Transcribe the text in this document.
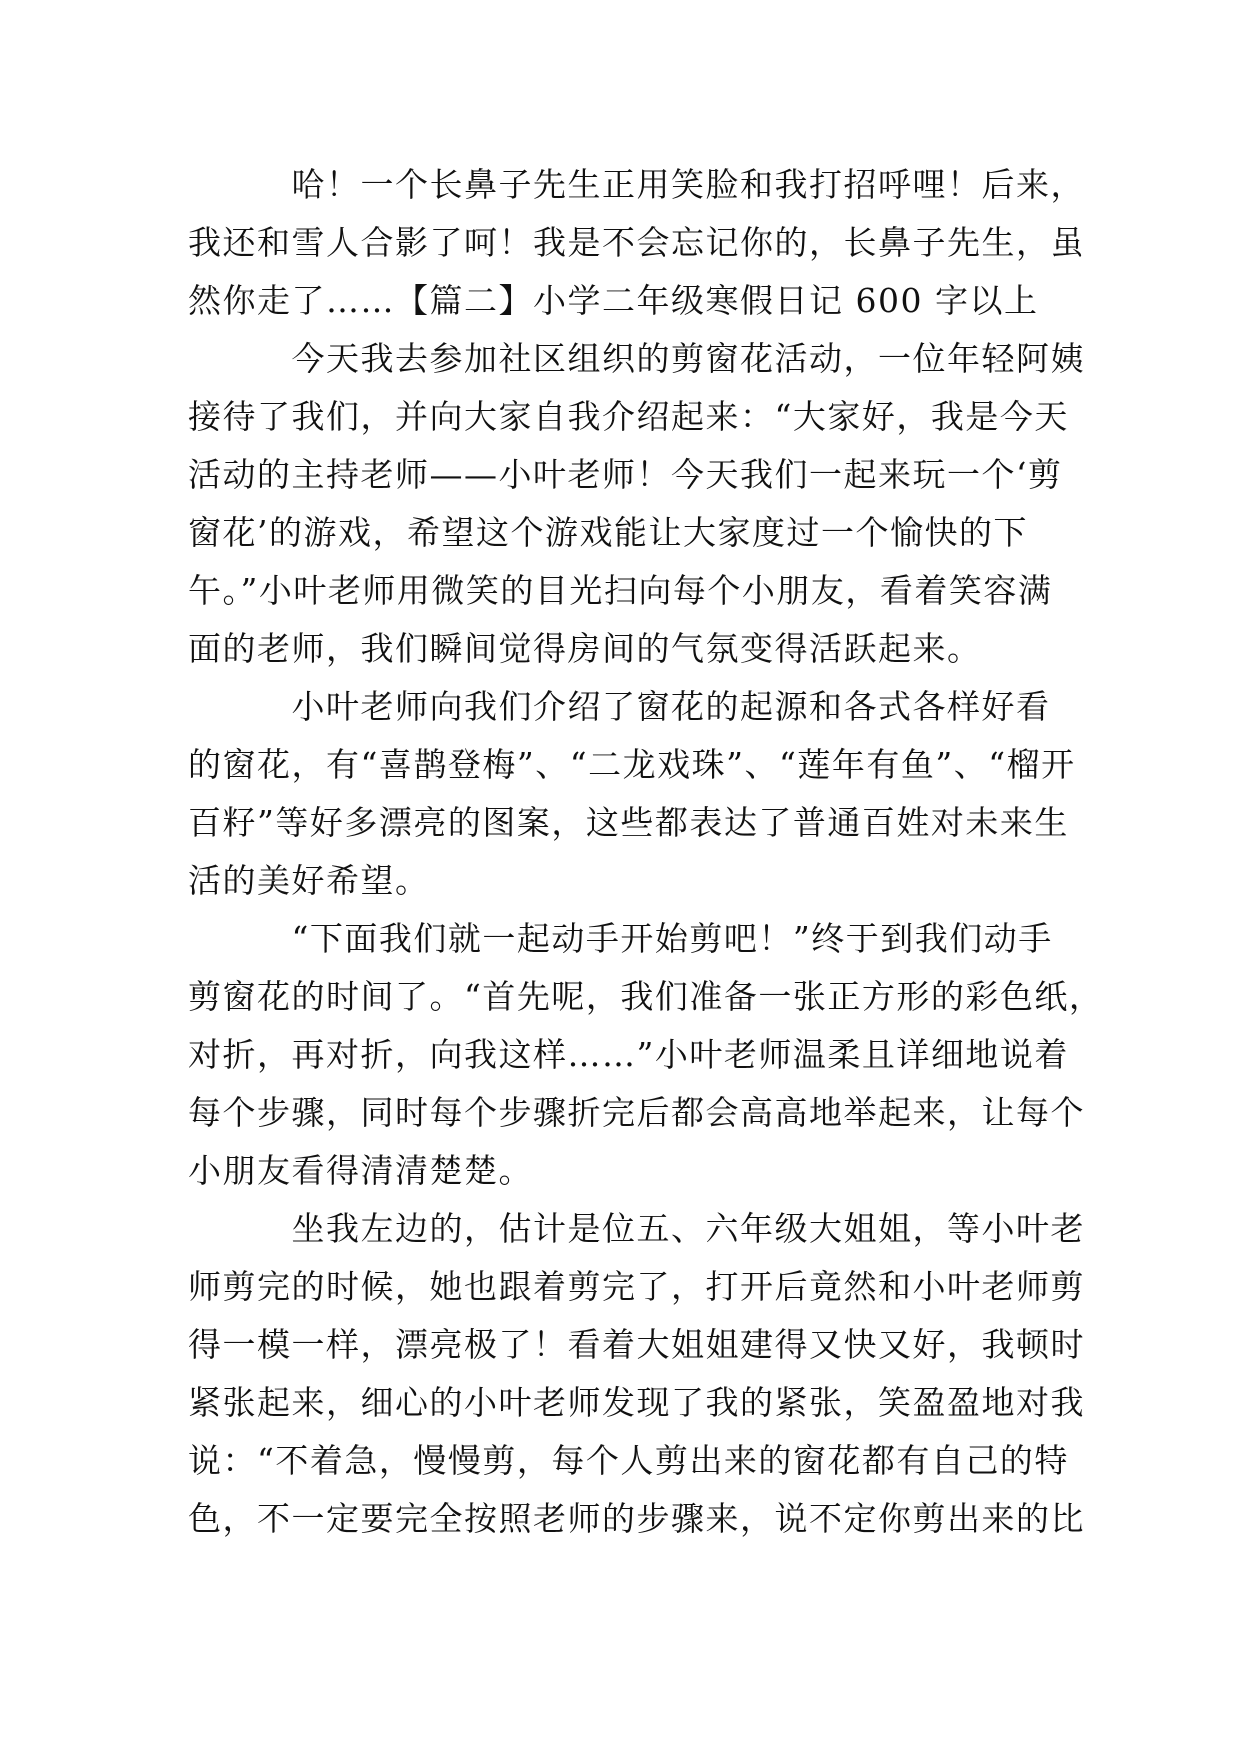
　　　哈！一个长鼻子先生正用笑脸和我打招呼哩！后来，
我还和雪人合影了呵！我是不会忘记你的，长鼻子先生，虽
然你走了……【篇二】小学二年级寒假日记 600 字以上
　　　今天我去参加社区组织的剪窗花活动，一位年轻阿姨
接待了我们，并向大家自我介绍起来：“大家好，我是今天
活动的主持老师——小叶老师！今天我们一起来玩一个‘剪
窗花’的游戏，希望这个游戏能让大家度过一个愉快的下
午。”小叶老师用微笑的目光扫向每个小朋友，看着笑容满
面的老师，我们瞬间觉得房间的气氛变得活跃起来。
　　　小叶老师向我们介绍了窗花的起源和各式各样好看
的窗花，有“喜鹊登梅”、“二龙戏珠”、“莲年有鱼”、“榴开
百籽”等好多漂亮的图案，这些都表达了普通百姓对未来生
活的美好希望。
　　　“下面我们就一起动手开始剪吧！”终于到我们动手
剪窗花的时间了。“首先呢，我们准备一张正方形的彩色纸，
对折，再对折，向我这样……”小叶老师温柔且详细地说着
每个步骤，同时每个步骤折完后都会高高地举起来，让每个
小朋友看得清清楚楚。
　　　坐我左边的，估计是位五、六年级大姐姐，等小叶老
师剪完的时候，她也跟着剪完了，打开后竟然和小叶老师剪
得一模一样，漂亮极了！看着大姐姐建得又快又好，我顿时
紧张起来，细心的小叶老师发现了我的紧张，笑盈盈地对我
说：“不着急，慢慢剪，每个人剪出来的窗花都有自己的特
色，不一定要完全按照老师的步骤来，说不定你剪出来的比
